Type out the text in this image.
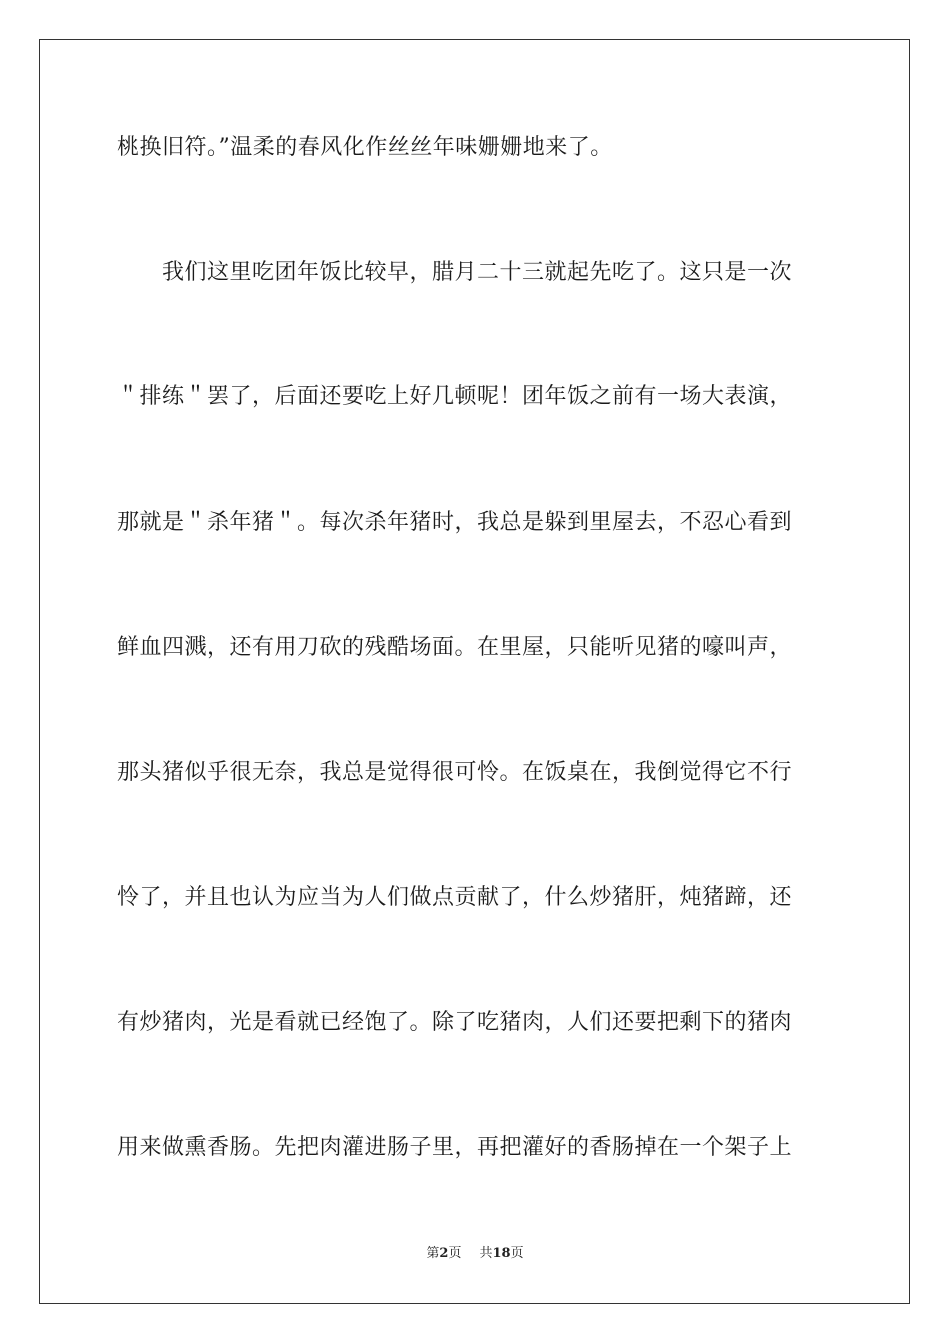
桃换旧符。”温柔的春风化作丝丝年味姗姗地来了。
我们这里吃团年饭比较早，腊月二十三就起先吃了。这只是一次
＂排练＂罢了，后面还要吃上好几顿呢！团年饭之前有一场大表演，
那就是＂杀年猪＂。每次杀年猪时，我总是躲到里屋去，不忍心看到
鲜血四溅，还有用刀砍的残酷场面。在里屋，只能听见猪的嚎叫声，
那头猪似乎很无奈，我总是觉得很可怜。在饭桌在，我倒觉得它不行
怜了，并且也认为应当为人们做点贡献了，什么炒猪肝，炖猪蹄，还
有炒猪肉，光是看就已经饱了。除了吃猪肉，人们还要把剩下的猪肉
用来做熏香肠。先把肉灌进肠子里，再把灌好的香肠掉在一个架子上
第2页 共18页
